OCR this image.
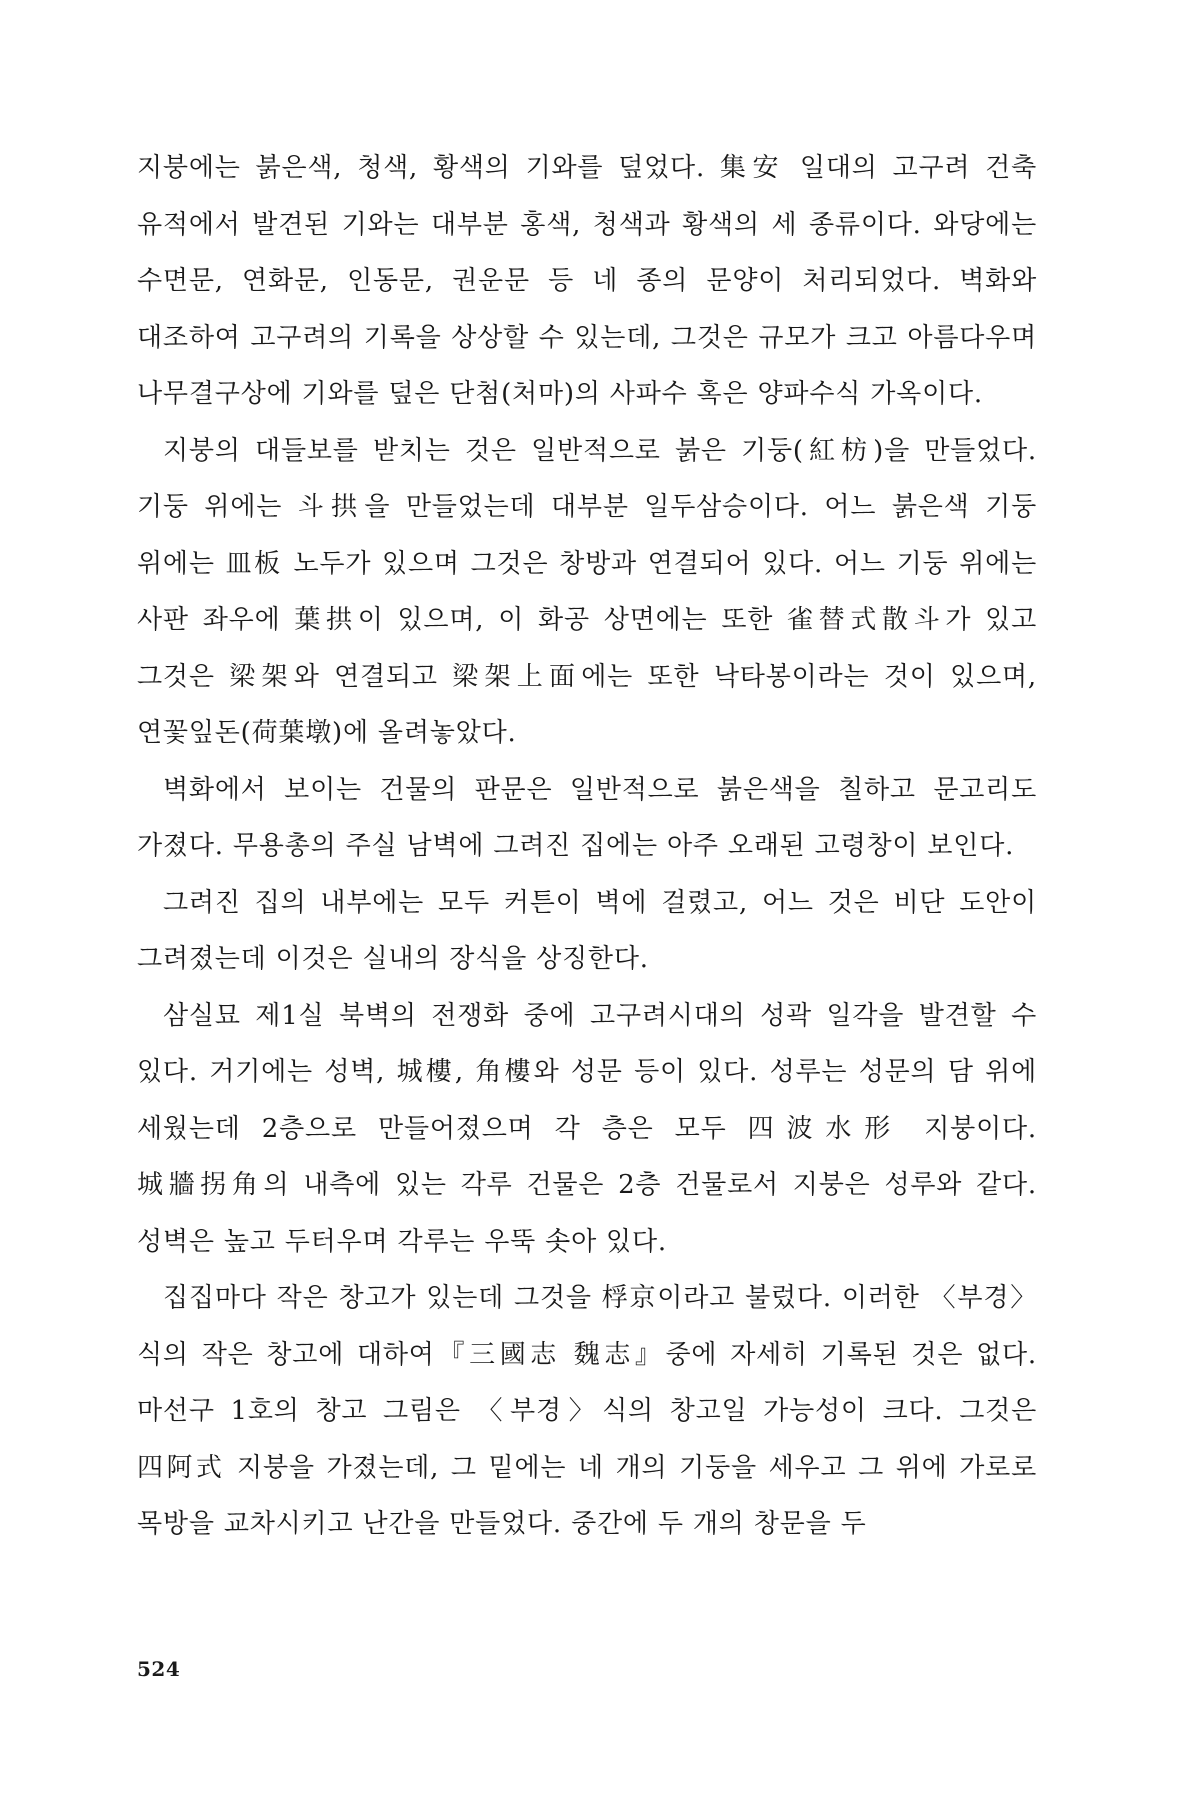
지붕에는 붉은색, 청색, 황색의 기와를 덮었다. 集安 일대의 고구려 건축 유적에서 발견된 기와는 대부분 홍색, 청색과 황색의 세 종류이다. 와당에는 수면문, 연화문, 인동문, 권운문 등 네 종의 문양이 처리되었다. 벽화와 대조하여 고구려의 기록을 상상할 수 있는데, 그것은 규모가 크고 아름다우며 나무결구상에 기와를 덮은 단첨(처마)의 사파수 혹은 양파수식 가옥이다.

지붕의 대들보를 받치는 것은 일반적으로 붉은 기둥(紅枋)을 만들었다. 기둥 위에는 斗拱을 만들었는데 대부분 일두삼승이다. 어느 붉은색 기둥 위에는 皿板 노두가 있으며 그것은 창방과 연결되어 있다. 어느 기둥 위에는 사판 좌우에 葉拱이 있으며, 이 화공 상면에는 또한 雀替式散斗가 있고 그것은 梁架와 연결되고 梁架上面에는 또한 낙타봉이라는 것이 있으며, 연꽃잎돈(荷葉墩)에 올려놓았다.

벽화에서 보이는 건물의 판문은 일반적으로 붉은색을 칠하고 문고리도 가졌다. 무용총의 주실 남벽에 그려진 집에는 아주 오래된 고령창이 보인다.

그려진 집의 내부에는 모두 커튼이 벽에 걸렸고, 어느 것은 비단 도안이 그려졌는데 이것은 실내의 장식을 상징한다.

삼실묘 제1실 북벽의 전쟁화 중에 고구려시대의 성곽 일각을 발견할 수 있다. 거기에는 성벽, 城樓, 角樓와 성문 등이 있다. 성루는 성문의 담 위에 세웠는데 2층으로 만들어졌으며 각 층은 모두 四波水形 지붕이다. 城牆拐角의 내측에 있는 각루 건물은 2층 건물로서 지붕은 성루와 같다. 성벽은 높고 두터우며 각루는 우뚝 솟아 있다.

집집마다 작은 창고가 있는데 그것을 桴京이라고 불렀다. 이러한 〈부경〉식의 작은 창고에 대하여『三國志 魏志』중에 자세히 기록된 것은 없다. 마선구 1호의 창고 그림은 〈부경〉식의 창고일 가능성이 크다. 그것은 四阿式 지붕을 가졌는데, 그 밑에는 네 개의 기둥을 세우고 그 위에 가로로 목방을 교차시키고 난간을 만들었다. 중간에 두 개의 창문을 두

524
